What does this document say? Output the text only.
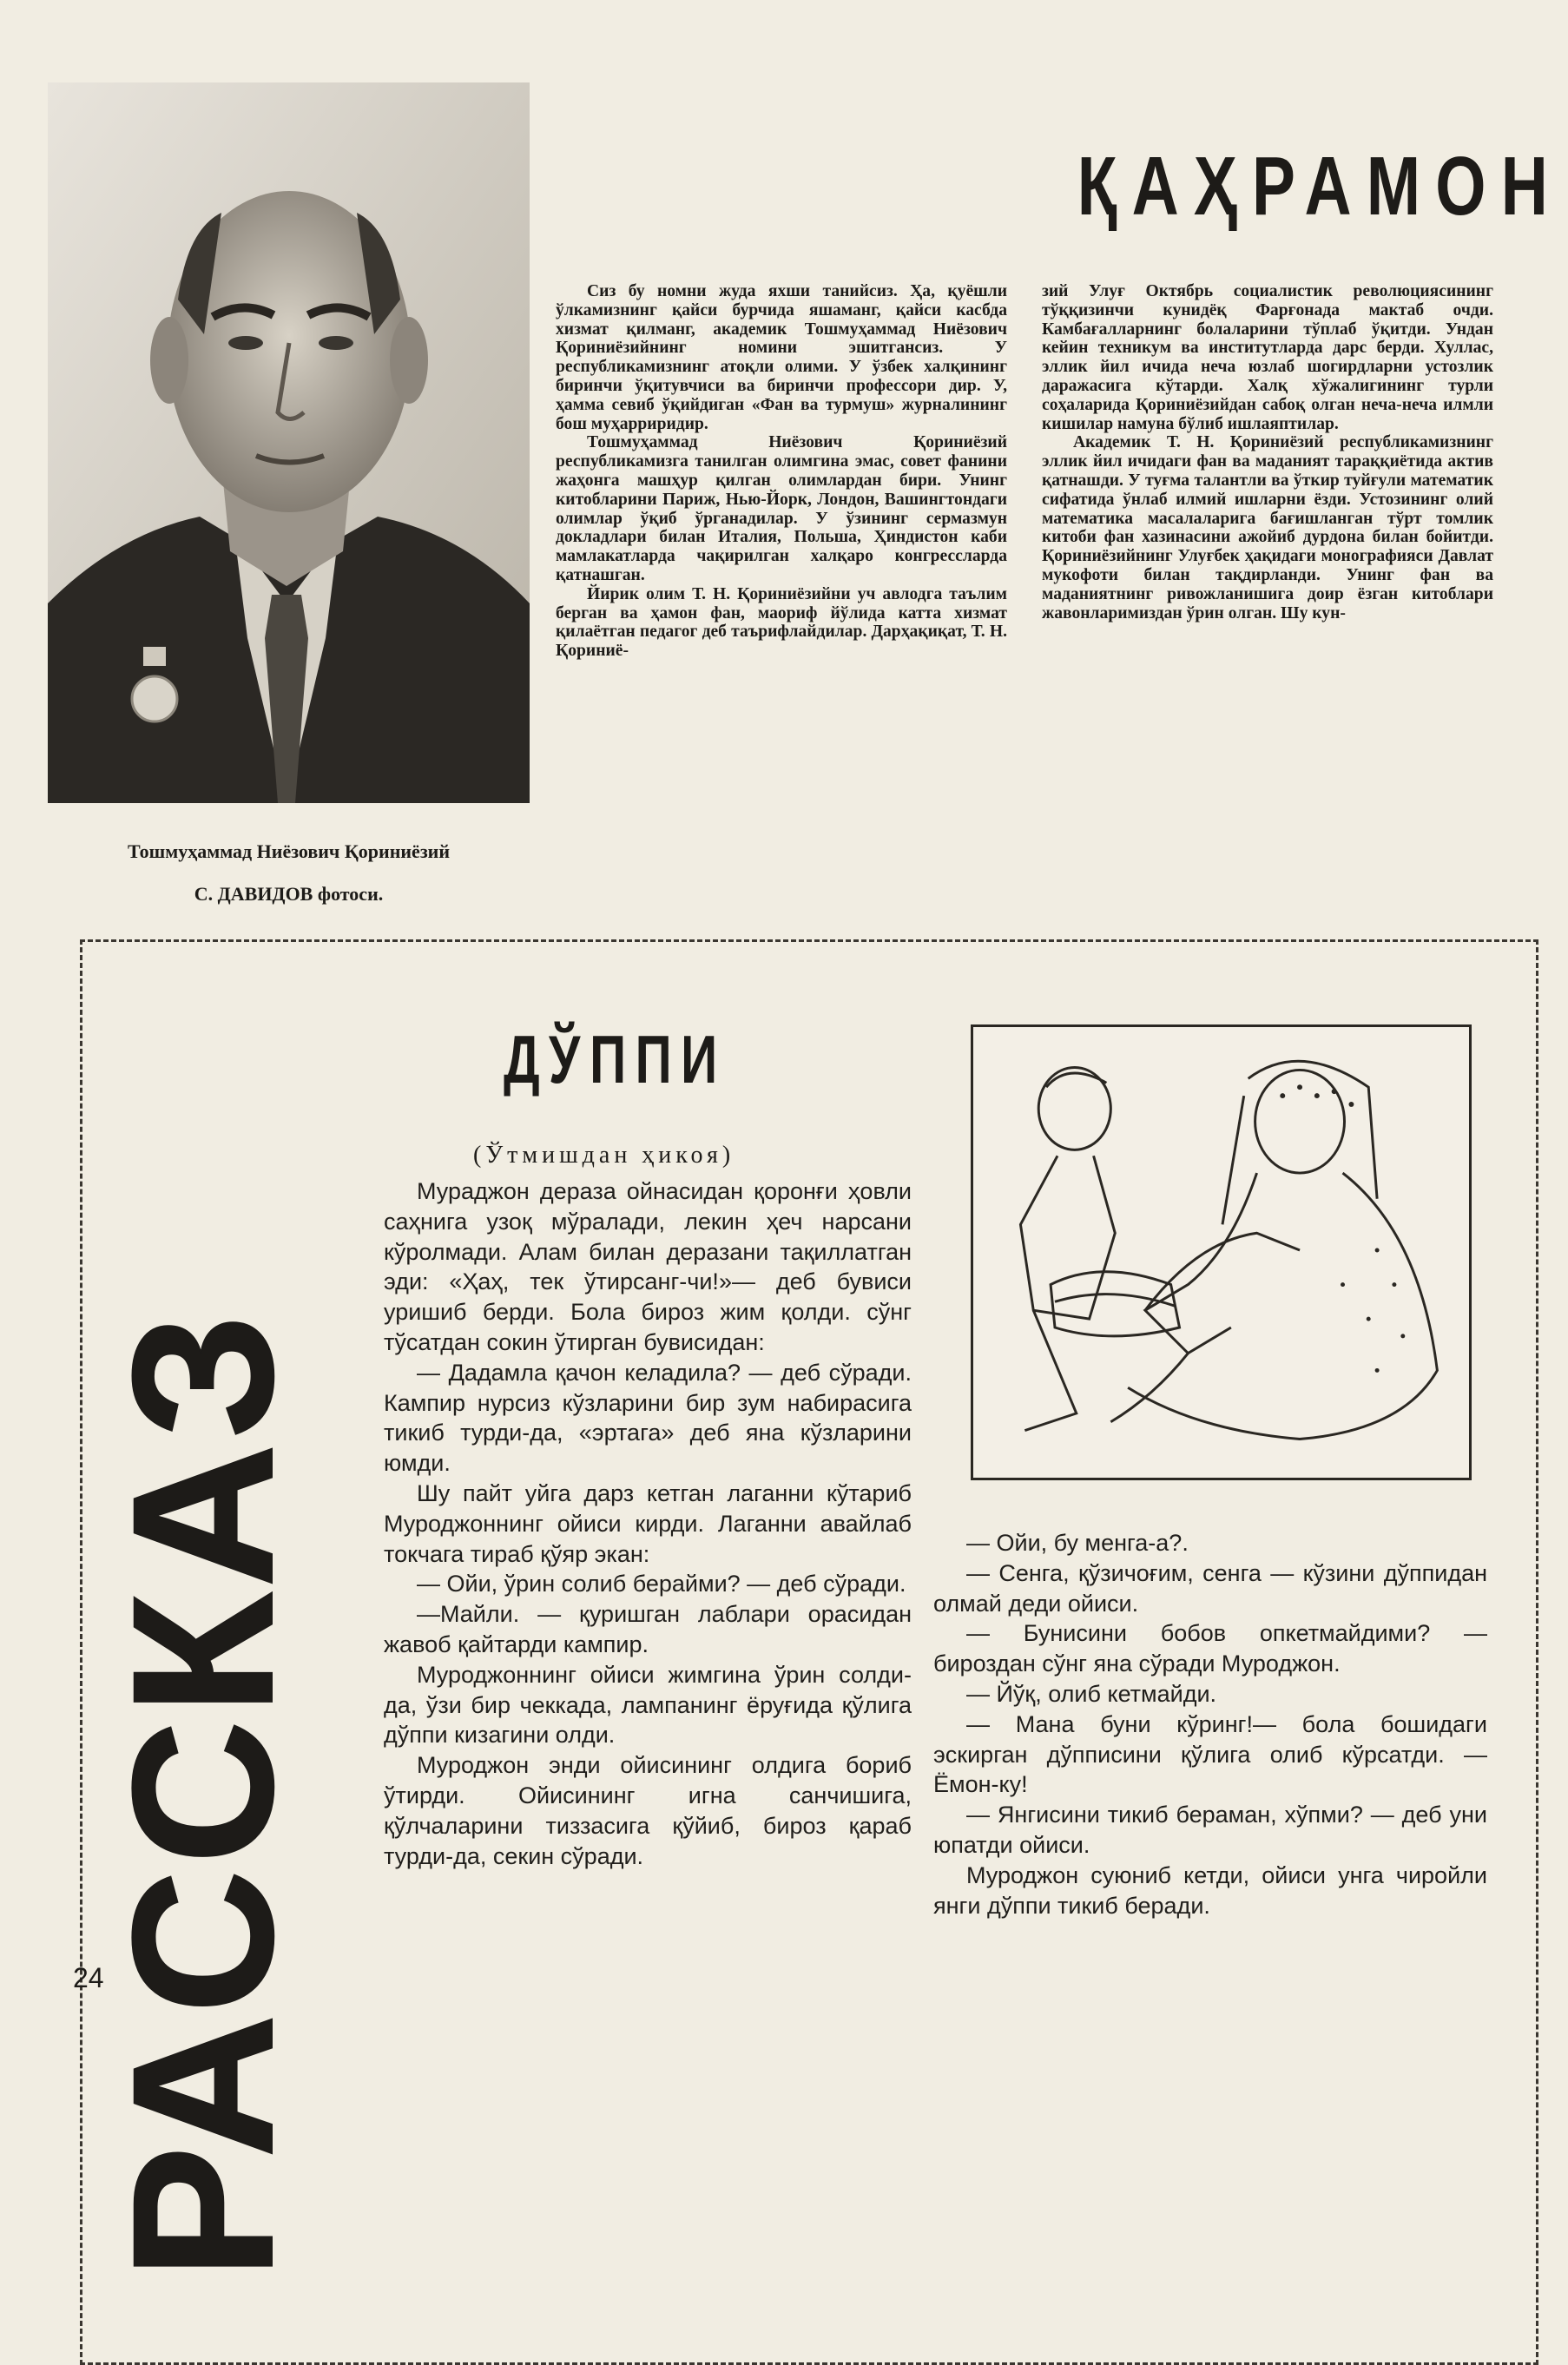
Тошмуҳаммад Ниёзович Қориниёзий
С. ДАВИДОВ фотоси.
ҚАҲРАМОН

Сиз бу номни жуда яхши танийсиз. Ҳа, қуёшли ўлкамизнинг қайси бурчида яшаманг, қайси касбда хизмат қилманг, академик Тошмуҳаммад Ниёзович Қориниёзийнинг номини эшитгансиз. У республикамизнинг атоқли олими. У ўзбек халқининг биринчи ўқитувчиси ва биринчи профессори дир. У, ҳамма севиб ўқийдиган «Фан ва турмуш» журналининг бош муҳарриридир.

Тошмуҳаммад Ниёзович Қориниёзий республикамизга танилган олимгина эмас, совет фанини жаҳонга машҳур қилган олимлардан бири. Унинг китобларини Париж, Нью-Йорк, Лондон, Вашингтондаги олимлар ўқиб ўрганадилар. У ўзининг сермазмун докладлари билан Италия, Польша, Ҳиндистон каби мамлакатларда чақирилган халқаро конгрессларда қатнашган.

Йирик олим Т. Н. Қориниёзийни уч авлодга таълим берган ва ҳамон фан, маориф йўлида катта хизмат қилаётган педагог деб таърифлайдилар. Дарҳақиқат, Т. Н. Қориниё-

зий Улуғ Октябрь социалистик революциясининг тўққизинчи кунидёқ Фарғонада мактаб очди. Камбағалларнинг болаларини тўплаб ўқитди. Ундан кейин техникум ва институтларда дарс берди. Хуллас, эллик йил ичида неча юзлаб шогирдларни устозлик даражасига кўтарди. Халқ хўжалигининг турли соҳаларида Қориниёзийдан сабоқ олган неча-неча илмли кишилар намуна бўлиб ишлаяптилар.

Академик Т. Н. Қориниёзий республикамизнинг эллик йил ичидаги фан ва маданият тараққиётида актив қатнашди. У туғма талантли ва ўткир туйғули математик сифатида ўнлаб илмий ишларни ёзди. Устозининг олий математика масалаларига бағишланган тўрт томлик китоби фан хазинасини ажойиб дурдона билан бойитди. Қориниёзийнинг Улуғбек ҳақидаги монографияси Давлат мукофоти билан тақдирланди. Унинг фан ва маданиятнинг ривожланишига доир ёзган китоблари жавонларимиздан ўрин олган. Шу кун-

РАССКАЗ
ДЎППИ
(Ўтмишдан ҳикоя)

Мураджон дераза ойнасидан қоронғи ҳовли саҳнига узоқ мўралади, лекин ҳеч нарсани кўролмади. Алам билан деразани тақиллатган эди: «Ҳаҳ, тек ўтирсанг-чи!»— деб бувиси уришиб берди. Бола бироз жим қолди. сўнг тўсатдан сокин ўтирган бувисидан:

— Дадамла қачон келадила? — деб сўради. Кампир нурсиз кўзларини бир зум набирасига тикиб турди-да, «эртага» деб яна кўзларини юмди.

Шу пайт уйга дарз кетган лаганни кўтариб Муроджоннинг ойиси кирди. Лаганни авайлаб токчага тираб қўяр экан:

— Ойи, ўрин солиб берайми? — деб сўради.

—Майли. — қуришган лаблари орасидан жавоб қайтарди кампир.

Муроджоннинг ойиси жимгина ўрин солди-да, ўзи бир чеккада, лампанинг ёруғида қўлига дўппи кизагини олди.

Муроджон энди ойисининг олдига бориб ўтирди. Ойисининг игна санчишига, қўлчаларини тиззасига қўйиб, бироз қараб турди-да, секин сўради.

— Ойи, бу менга-а?.

— Сенга, қўзичоғим, сенга — кўзини дўппидан олмай деди ойиси.

— Бунисини бобов опкетмайдими? — бироздан сўнг яна сўради Муроджон.

— Йўқ, олиб кетмайди.

— Мана буни кўринг!— бола бошидаги эскирган дўпписини қўлига олиб кўрсатди. — Ёмон-ку!

— Янгисини тикиб бераман, хўпми? — деб уни юпатди ойиси.

Муроджон суюниб кетди, ойиси унга чиройли янги дўппи тикиб беради.

24
